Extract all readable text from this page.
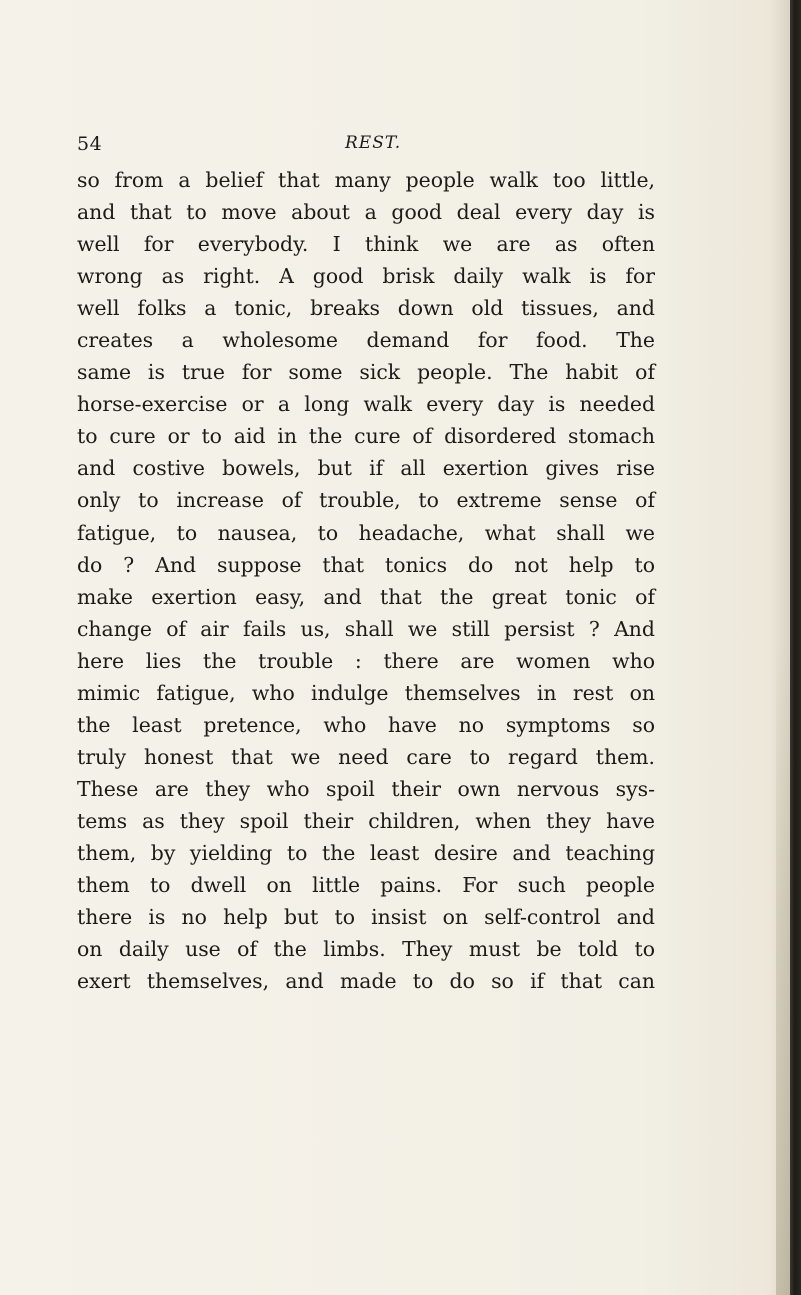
54	REST.
so from a belief that many people walk too little,
and that to move about a good deal every day is
well for everybody. I think we are as often
wrong as right. A good brisk daily walk is for
well folks a tonic, breaks down old tissues, and
creates a wholesome demand for food. The
same is true for some sick people. The habit of
horse-exercise or a long walk every day is needed
to cure or to aid in the cure of disordered stomach
and costive bowels, but if all exertion gives rise
only to increase of trouble, to extreme sense of
fatigue, to nausea, to headache, what shall we
do ? And suppose that tonics do not help to
make exertion easy, and that the great tonic of
change of air fails us, shall we still persist ? And
here lies the trouble : there are women who
mimic fatigue, who indulge themselves in rest on
the least pretence, who have no symptoms so
truly honest that we need care to regard them.
These are they who spoil their own nervous sys-
tems as they spoil their children, when they have
them, by yielding to the least desire and teaching
them to dwell on little pains. For such people
there is no help but to insist on self-control and
on daily use of the limbs. They must be told to
exert themselves, and made to do so if that can
